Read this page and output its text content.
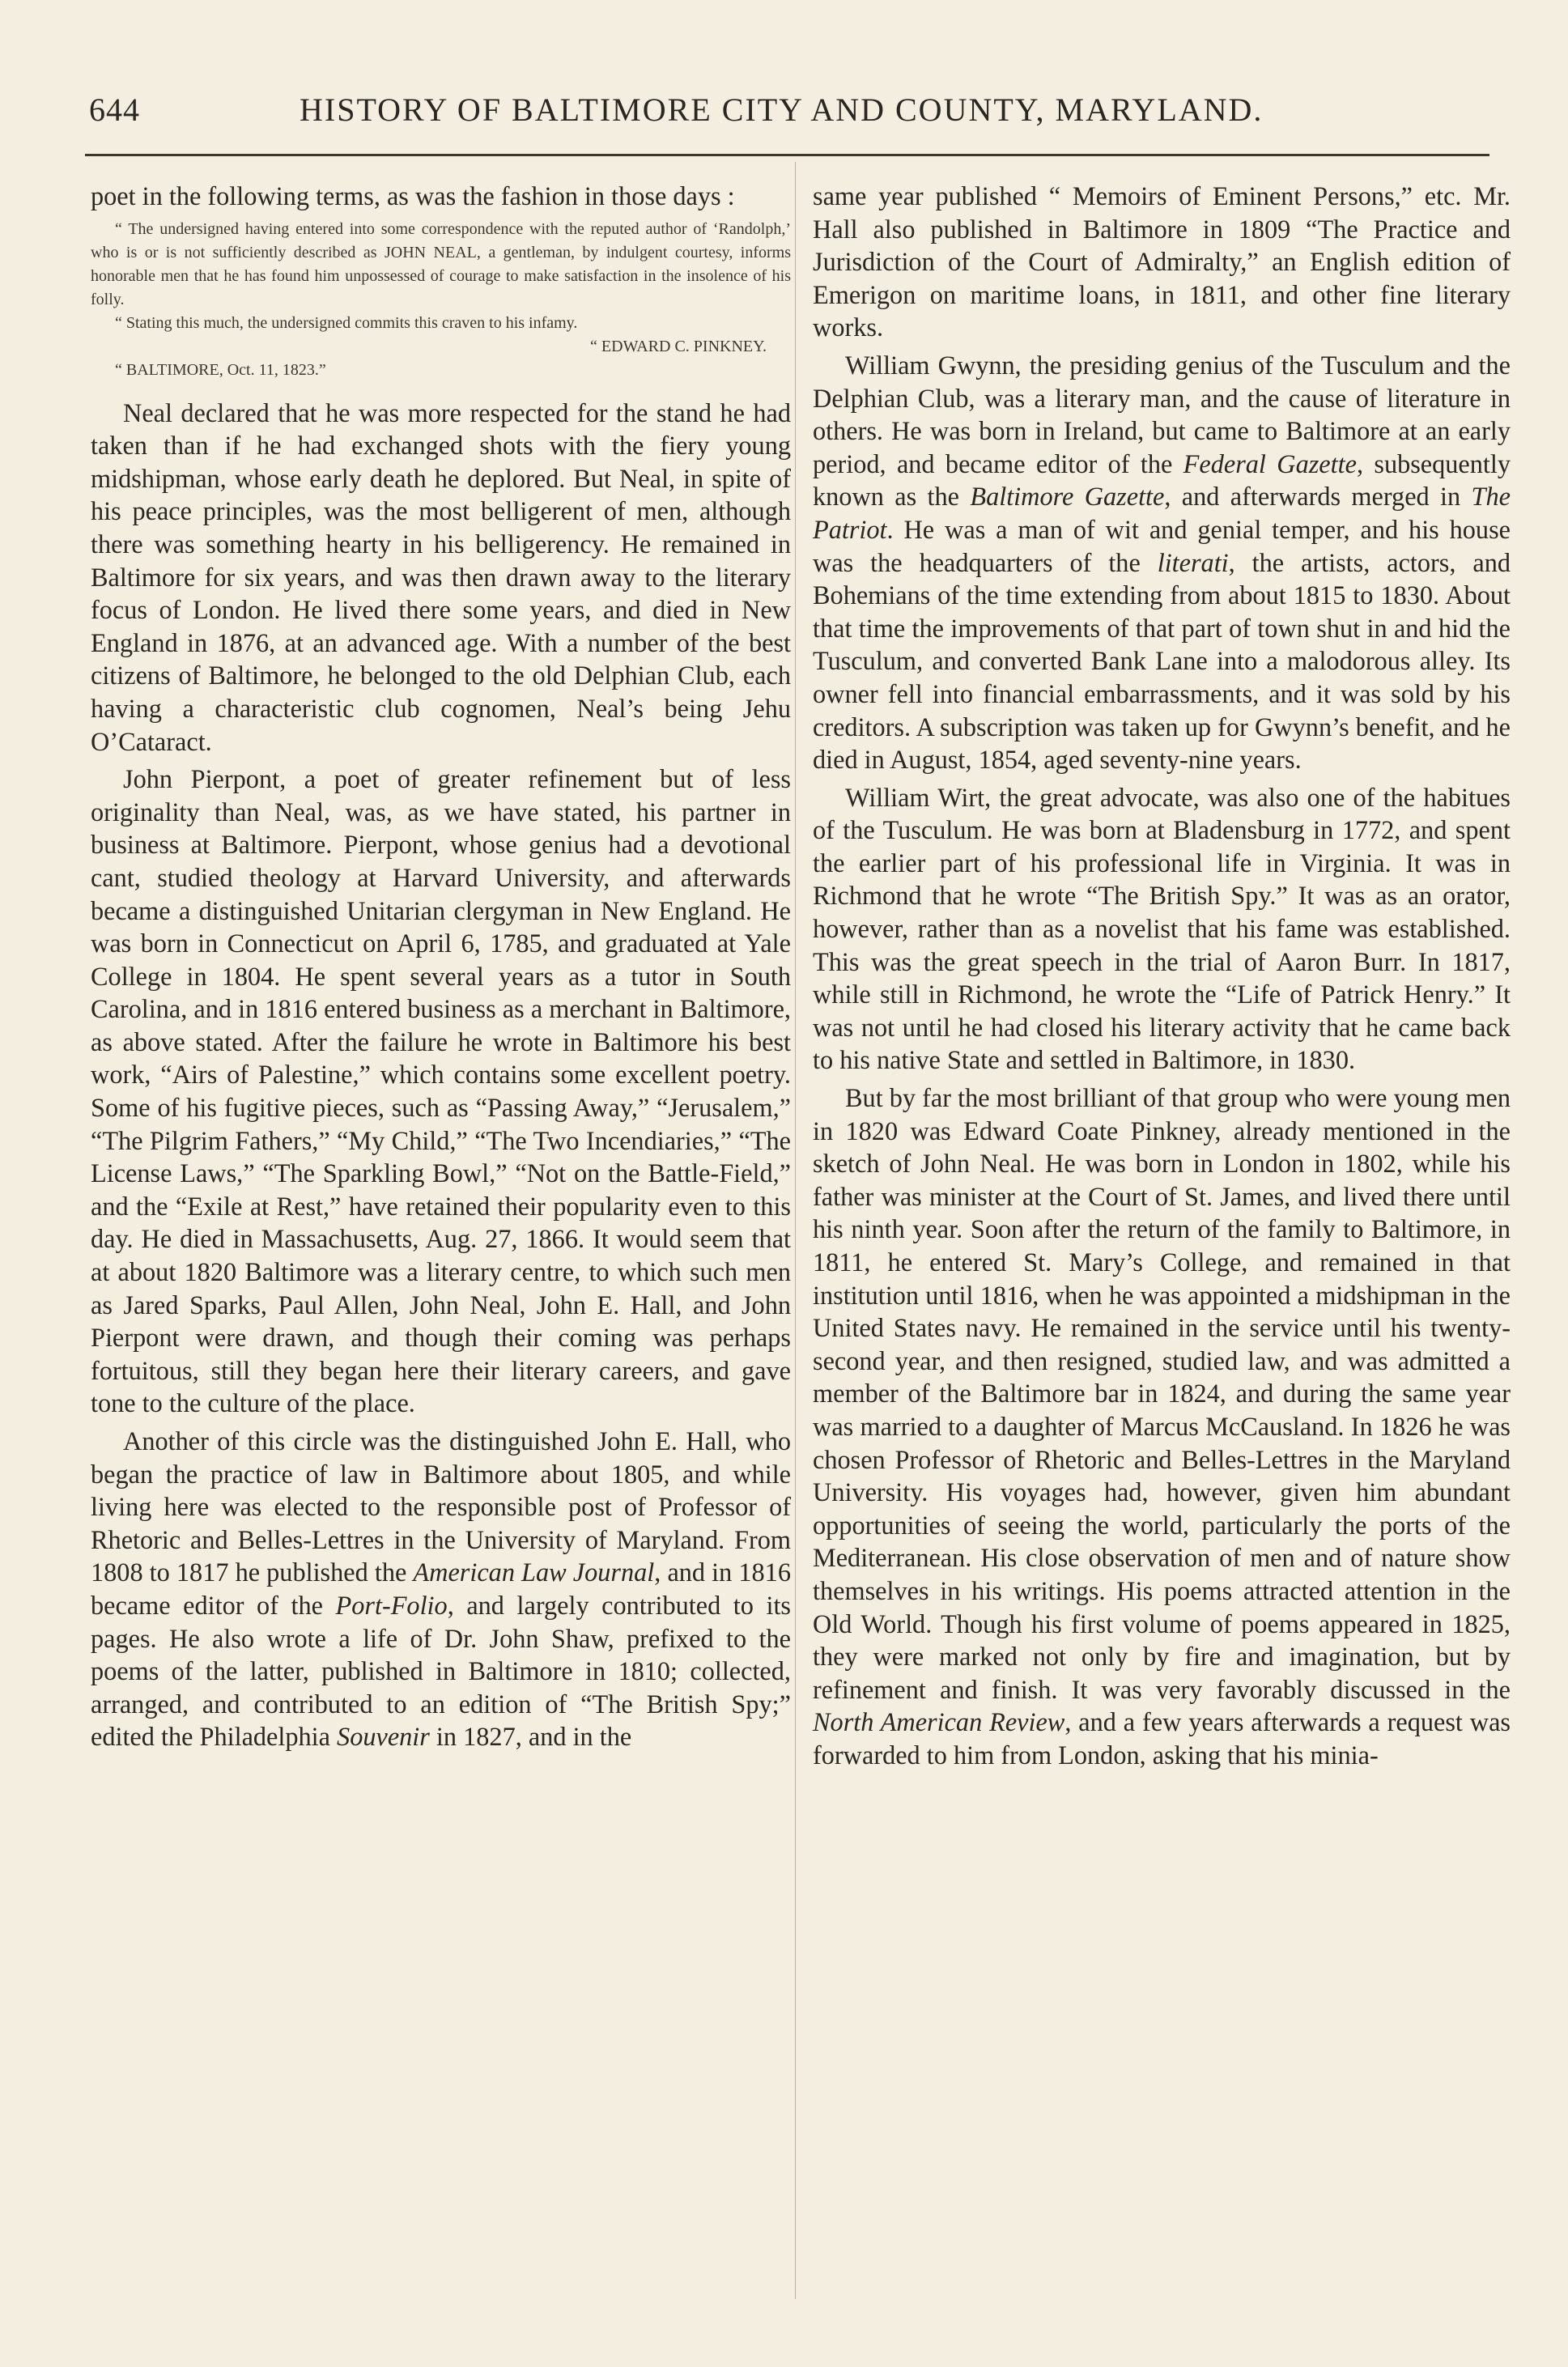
644	HISTORY OF BALTIMORE CITY AND COUNTY, MARYLAND.

poet in the following terms, as was the fashion in those days :

“ The undersigned having entered into some correspondence with the reputed author of ‘Randolph,’ who is or is not sufficiently described as JOHN NEAL, a gentleman, by indulgent courtesy, informs honorable men that he has found him unpossessed of courage to make satisfaction in the insolence of his folly.

“ Stating this much, the undersigned commits this craven to his infamy.

“ EDWARD C. PINKNEY.

“ BALTIMORE, Oct. 11, 1823.”

Neal declared that he was more respected for the stand he had taken than if he had exchanged shots with the fiery young midshipman, whose early death he deplored. But Neal, in spite of his peace principles, was the most belligerent of men, although there was something hearty in his belligerency. He remained in Baltimore for six years, and was then drawn away to the literary focus of London. He lived there some years, and died in New England in 1876, at an advanced age. With a number of the best citizens of Baltimore, he belonged to the old Delphian Club, each having a characteristic club cognomen, Neal’s being Jehu O’Cataract.

John Pierpont, a poet of greater refinement but of less originality than Neal, was, as we have stated, his partner in business at Baltimore. Pierpont, whose genius had a devotional cant, studied theology at Harvard University, and afterwards became a distinguished Unitarian clergyman in New England. He was born in Connecticut on April 6, 1785, and graduated at Yale College in 1804. He spent several years as a tutor in South Carolina, and in 1816 entered business as a merchant in Baltimore, as above stated. After the failure he wrote in Baltimore his best work, “Airs of Palestine,” which contains some excellent poetry. Some of his fugitive pieces, such as “Passing Away,” “Jerusalem,” “The Pilgrim Fathers,” “My Child,” “The Two Incendiaries,” “The License Laws,” “The Sparkling Bowl,” “Not on the Battle-Field,” and the “Exile at Rest,” have retained their popularity even to this day. He died in Massachusetts, Aug. 27, 1866. It would seem that at about 1820 Baltimore was a literary centre, to which such men as Jared Sparks, Paul Allen, John Neal, John E. Hall, and John Pierpont were drawn, and though their coming was perhaps fortuitous, still they began here their literary careers, and gave tone to the culture of the place.

Another of this circle was the distinguished John E. Hall, who began the practice of law in Baltimore about 1805, and while living here was elected to the responsible post of Professor of Rhetoric and Belles-Lettres in the University of Maryland. From 1808 to 1817 he published the American Law Journal, and in 1816 became editor of the Port-Folio, and largely contributed to its pages. He also wrote a life of Dr. John Shaw, prefixed to the poems of the latter, published in Baltimore in 1810; collected, arranged, and contributed to an edition of “The British Spy;” edited the Philadelphia Souvenir in 1827, and in the

same year published “ Memoirs of Eminent Persons,” etc. Mr. Hall also published in Baltimore in 1809 “The Practice and Jurisdiction of the Court of Admiralty,” an English edition of Emerigon on maritime loans, in 1811, and other fine literary works.

William Gwynn, the presiding genius of the Tusculum and the Delphian Club, was a literary man, and the cause of literature in others. He was born in Ireland, but came to Baltimore at an early period, and became editor of the Federal Gazette, subsequently known as the Baltimore Gazette, and afterwards merged in The Patriot. He was a man of wit and genial temper, and his house was the headquarters of the literati, the artists, actors, and Bohemians of the time extending from about 1815 to 1830. About that time the improvements of that part of town shut in and hid the Tusculum, and converted Bank Lane into a malodorous alley. Its owner fell into financial embarrassments, and it was sold by his creditors. A subscription was taken up for Gwynn’s benefit, and he died in August, 1854, aged seventy-nine years.

William Wirt, the great advocate, was also one of the habitues of the Tusculum. He was born at Bladensburg in 1772, and spent the earlier part of his professional life in Virginia. It was in Richmond that he wrote “The British Spy.” It was as an orator, however, rather than as a novelist that his fame was established. This was the great speech in the trial of Aaron Burr. In 1817, while still in Richmond, he wrote the “Life of Patrick Henry.” It was not until he had closed his literary activity that he came back to his native State and settled in Baltimore, in 1830.

But by far the most brilliant of that group who were young men in 1820 was Edward Coate Pinkney, already mentioned in the sketch of John Neal. He was born in London in 1802, while his father was minister at the Court of St. James, and lived there until his ninth year. Soon after the return of the family to Baltimore, in 1811, he entered St. Mary’s College, and remained in that institution until 1816, when he was appointed a midshipman in the United States navy. He remained in the service until his twenty-second year, and then resigned, studied law, and was admitted a member of the Baltimore bar in 1824, and during the same year was married to a daughter of Marcus McCausland. In 1826 he was chosen Professor of Rhetoric and Belles-Lettres in the Maryland University. His voyages had, however, given him abundant opportunities of seeing the world, particularly the ports of the Mediterranean. His close observation of men and of nature show themselves in his writings. His poems attracted attention in the Old World. Though his first volume of poems appeared in 1825, they were marked not only by fire and imagination, but by refinement and finish. It was very favorably discussed in the North American Review, and a few years afterwards a request was forwarded to him from London, asking that his minia-
